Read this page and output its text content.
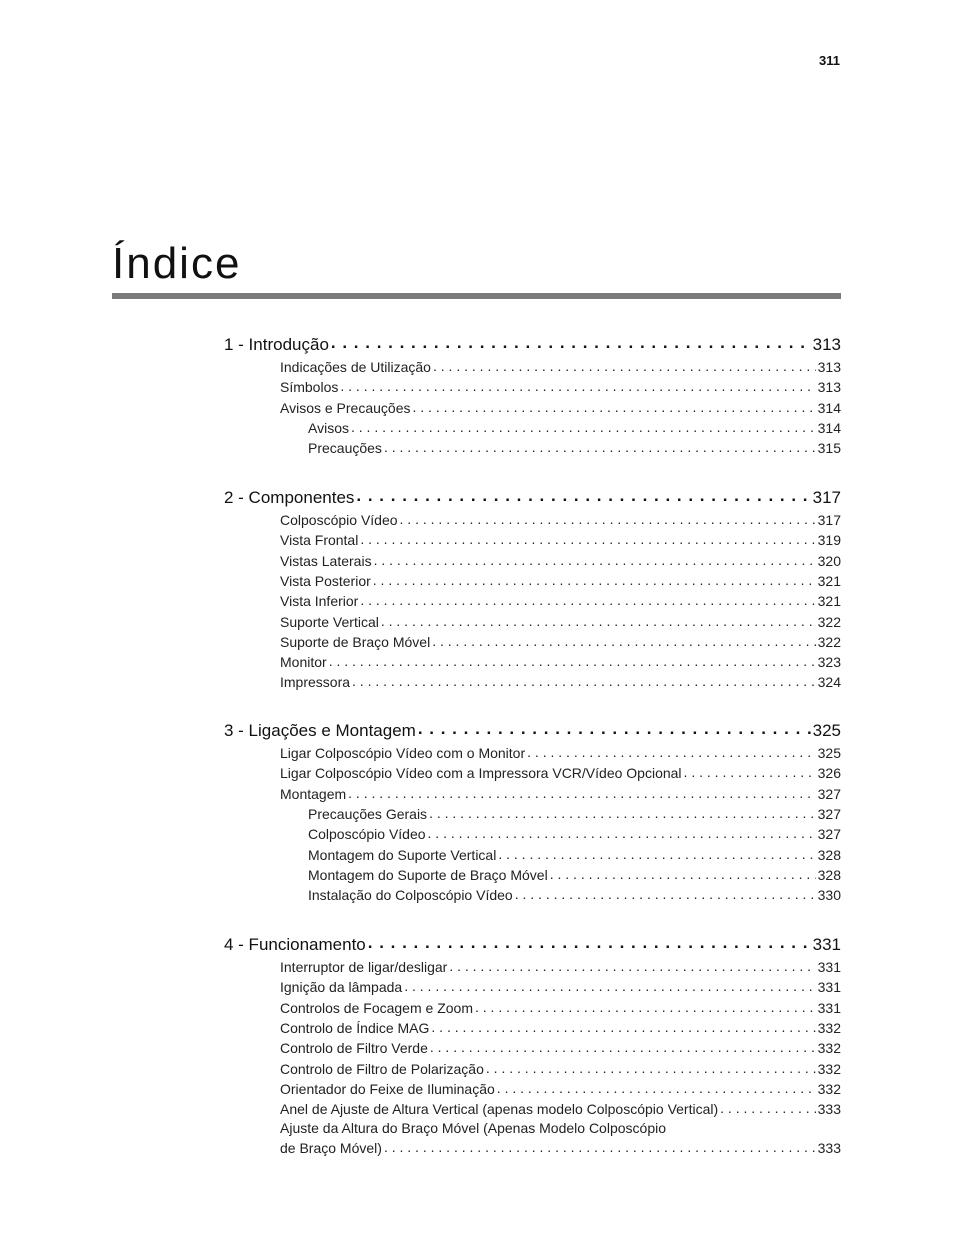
311
Índice
1 - Introdução . . .	313
Indicações de Utilização . . .	313
Símbolos . . .	313
Avisos e Precauções . . .	314
Avisos . . .	314
Precauções . . .	315
2 - Componentes . . .	317
Colposcópio Vídeo . . .	317
Vista Frontal . . .	319
Vistas Laterais . . .	320
Vista Posterior . . .	321
Vista Inferior . . .	321
Suporte Vertical . . .	322
Suporte de Braço Móvel . . .	322
Monitor . . .	323
Impressora . . .	324
3 - Ligações e Montagem . . .	325
Ligar Colposcópio Vídeo com o Monitor . . .	325
Ligar Colposcópio Vídeo com a Impressora VCR/Vídeo Opcional . . .	326
Montagem . . .	327
Precauções Gerais . . .	327
Colposcópio Vídeo . . .	327
Montagem do Suporte Vertical . . .	328
Montagem do Suporte de Braço Móvel . . .	328
Instalação do Colposcópio Vídeo . . .	330
4 - Funcionamento . . .	331
Interruptor de ligar/desligar . . .	331
Ignição da lâmpada . . .	331
Controlos de Focagem e Zoom . . .	331
Controlo de Índice MAG . . .	332
Controlo de Filtro Verde . . .	332
Controlo de Filtro de Polarização . . .	332
Orientador do Feixe de Iluminação . . .	332
Anel de Ajuste de Altura Vertical (apenas modelo Colposcópio Vertical) . . .	333
Ajuste da Altura do Braço Móvel (Apenas Modelo Colposcópio
de Braço Móvel) . . .	333
